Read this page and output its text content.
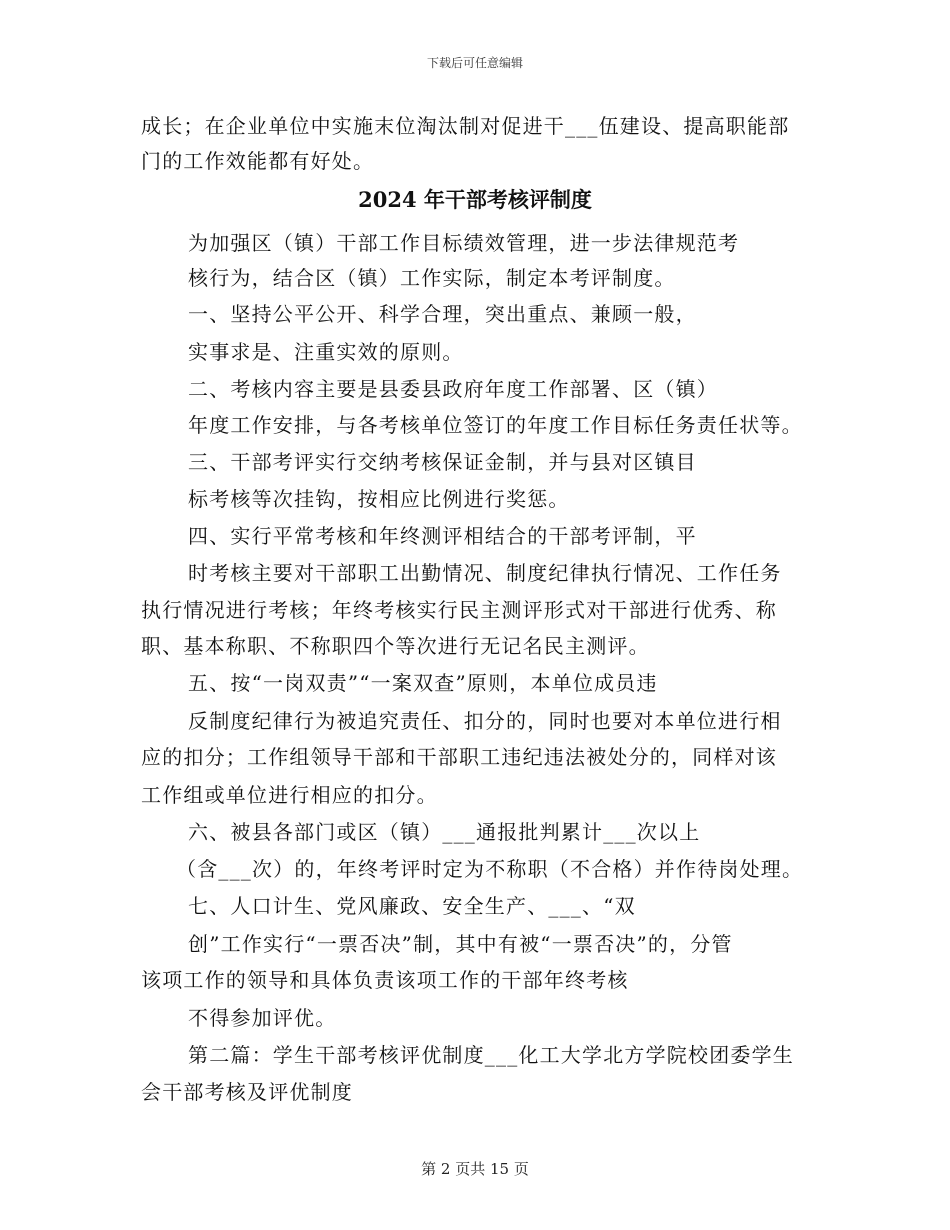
下载后可任意编辑
成长；在企业单位中实施末位淘汰制对促进干___伍建设、提高职能部
门的工作效能都有好处。
2024 年干部考核评制度
为加强区（镇）干部工作目标绩效管理，进一步法律规范考
核行为，结合区（镇）工作实际，制定本考评制度。
一、坚持公平公开、科学合理，突出重点、兼顾一般，
实事求是、注重实效的原则。
二、考核内容主要是县委县政府年度工作部署、区（镇）
年度工作安排，与各考核单位签订的年度工作目标任务责任状等。
三、干部考评实行交纳考核保证金制，并与县对区镇目
标考核等次挂钩，按相应比例进行奖惩。
四、实行平常考核和年终测评相结合的干部考评制，平
时考核主要对干部职工出勤情况、制度纪律执行情况、工作任务
执行情况进行考核；年终考核实行民主测评形式对干部进行优秀、称
职、基本称职、不称职四个等次进行无记名民主测评。
五、按“一岗双责”“一案双查”原则，本单位成员违
反制度纪律行为被追究责任、扣分的，同时也要对本单位进行相
应的扣分；工作组领导干部和干部职工违纪违法被处分的，同样对该
工作组或单位进行相应的扣分。
六、被县各部门或区（镇）___通报批判累计___次以上
（含___次）的，年终考评时定为不称职（不合格）并作待岗处理。
七、人口计生、党风廉政、安全生产、___、“双
创”工作实行“一票否决”制，其中有被“一票否决”的，分管
该项工作的领导和具体负责该项工作的干部年终考核
不得参加评优。
第二篇：学生干部考核评优制度___化工大学北方学院校团委学生
会干部考核及评优制度
第 2 页共 15 页
